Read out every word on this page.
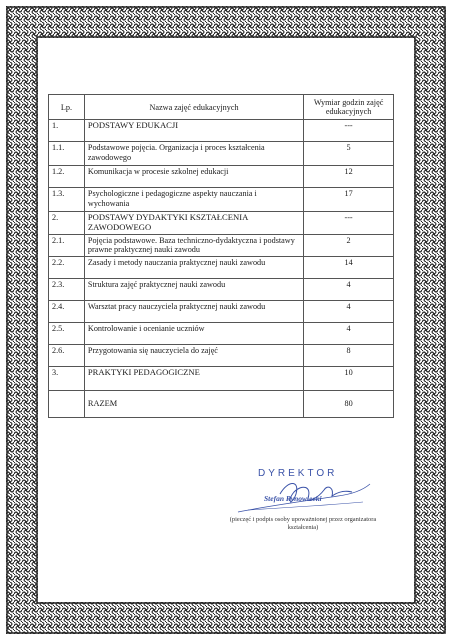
Lp.	Nazwa zajęć edukacyjnych	Wymiar godzin zajęć edukacyjnych
1.	PODSTAWY EDUKACJI	---
1.1.	Podstawowe pojęcia. Organizacja i proces kształcenia zawodowego	5
1.2.	Komunikacja w procesie szkolnej edukacji	12
1.3.	Psychologiczne i pedagogiczne aspekty nauczania i wychowania	17
2.	PODSTAWY DYDAKTYKI KSZTAŁCENIA ZAWODOWEGO	---
2.1.	Pojęcia podstawowe. Baza techniczno-dydaktyczna i podstawy prawne praktycznej nauki zawodu	2
2.2.	Zasady i metody nauczania praktycznej nauki zawodu	14
2.3.	Struktura zajęć praktycznej nauki zawodu	4
2.4.	Warsztat pracy nauczyciela praktycznej nauki zawodu	4
2.5.	Kontrolowanie i ocenianie uczniów	4
2.6.	Przygotowania się nauczyciela do zajęć	8
3.	PRAKTYKI PEDAGOGICZNE	10
	RAZEM	80
DYREKTOR
Stefan Rynowiecki
(pieczęć i podpis osoby upoważnionej przez organizatora kształcenia)
